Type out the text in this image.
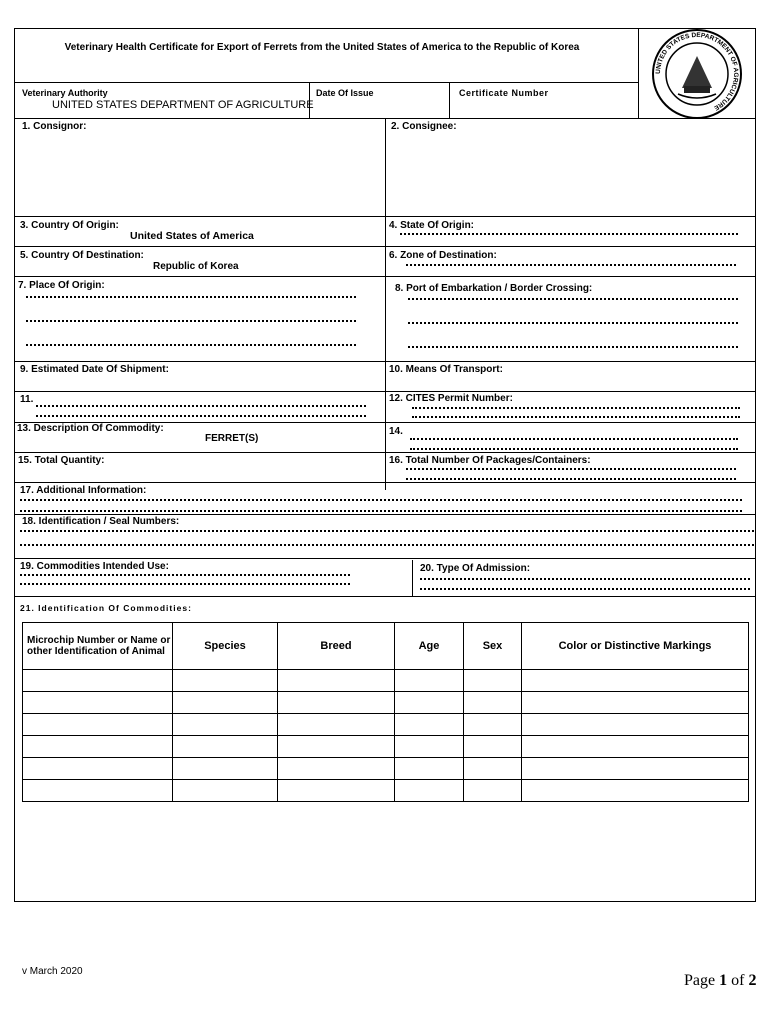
Veterinary Health Certificate for Export of Ferrets from the United States of America to the Republic of Korea
UNITED STATES DEPARTMENT OF AGRICULTURE
Veterinary Authority
UNITED STATES DEPARTMENT OF AGRICULTURE
Date Of Issue	Certificate Number
1. Consignor:	2. Consignee:
3. Country Of Origin:
United States of America
4. State Of Origin:
5. Country Of Destination:
Republic of Korea
6. Zone of Destination:
7. Place Of Origin:	8. Port of Embarkation / Border Crossing:
9. Estimated Date Of Shipment:	10. Means Of Transport:
11.	12. CITES Permit Number:
13. Description Of Commodity:
FERRET(S)
14.
15. Total Quantity:	16. Total Number Of Packages/Containers:
17. Additional Information:
18. Identification / Seal Numbers:
19. Commodities Intended Use:	20. Type Of Admission:
21. Identification Of Commodities:
Microchip Number or Name or other Identification of Animal	Species	Breed	Age	Sex	Color or Distinctive Markings

v March 2020
Page 1 of 2
